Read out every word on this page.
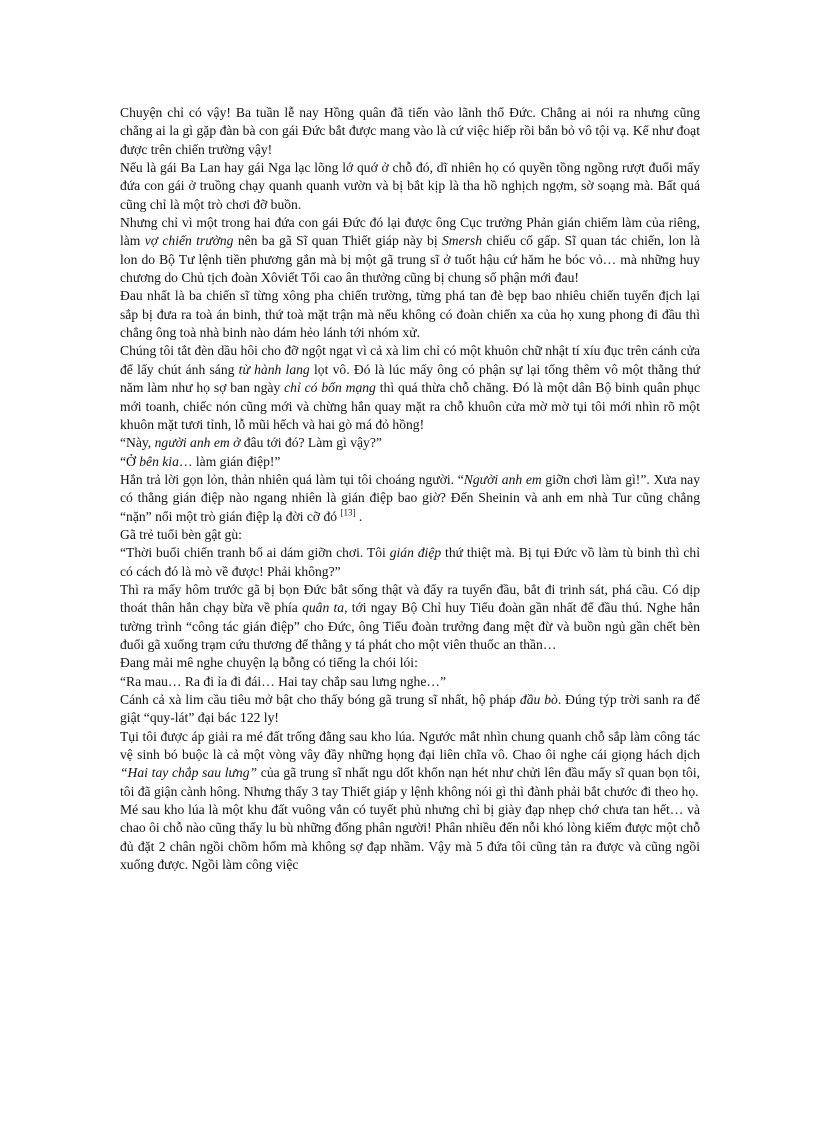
Chuyện chỉ có vậy! Ba tuần lễ nay Hồng quân đã tiến vào lãnh thổ Đức. Chẳng ai nói ra nhưng cũng chẳng ai la gì gặp đàn bà con gái Đức bắt được mang vào là cứ việc hiếp rồi bắn bỏ vô tội vạ. Kể như đoạt được trên chiến trường vậy!

Nếu là gái Ba Lan hay gái Nga lạc lõng lớ quớ ở chỗ đó, dĩ nhiên họ có quyền tồng ngồng rượt đuổi mấy đứa con gái ở truồng chạy quanh quanh vườn và bị bắt kịp là tha hồ nghịch ngợm, sờ soạng mà. Bất quá cũng chỉ là một trò chơi đỡ buồn.

Nhưng chỉ vì một trong hai đứa con gái Đức đó lại được ông Cục trưởng Phản gián chiếm làm của riêng, làm vợ chiến trường nên ba gã Sĩ quan Thiết giáp này bị Smersh chiếu cố gấp. Sĩ quan tác chiến, lon là lon do Bộ Tư lệnh tiền phương gắn mà bị một gã trung sĩ ở tuốt hậu cứ hăm he bóc vỏ… mà những huy chương do Chủ tịch đoàn Xôviết Tối cao ân thưởng cũng bị chung số phận mới đau!

Đau nhất là ba chiến sĩ từng xông pha chiến trường, từng phá tan đè bẹp bao nhiêu chiến tuyến địch lại sắp bị đưa ra toà án binh, thứ toà mặt trận mà nếu không có đoàn chiến xa của họ xung phong đi đầu thì chẳng ông toà nhà binh nào dám hẻo lánh tới nhóm xử.

Chúng tôi tắt đèn dầu hôi cho đỡ ngột ngạt vì cả xà lim chỉ có một khuôn chữ nhật tí xíu đục trên cánh cửa để lấy chút ánh sáng từ hành lang lọt vô. Đó là lúc mấy ông có phận sự lại tống thêm vô một thằng thứ năm làm như họ sợ ban ngày chỉ có bốn mạng thì quá thừa chỗ chăng. Đó là một dân Bộ binh quân phục mới toanh, chiếc nón cũng mới và chừng hắn quay mặt ra chỗ khuôn cửa mờ mờ tụi tôi mới nhìn rõ một khuôn mặt tươi tỉnh, lỗ mũi hếch và hai gò má đỏ hồng!

“Này, người anh em ở đâu tới đó? Làm gì vậy?”

“Ở bên kia… làm gián điệp!”

Hắn trả lời gọn lỏn, thản nhiên quá làm tụi tôi choáng người. “Người anh em giỡn chơi làm gì!”. Xưa nay có thằng gián điệp nào ngang nhiên là gián điệp bao giờ? Đến Sheinin và anh em nhà Tur cũng chẳng “nặn” nổi một trò gián điệp lạ đời cỡ đó [13] .

Gã trẻ tuổi bèn gật gù:

“Thời buổi chiến tranh bố ai dám giỡn chơi. Tôi gián điệp thứ thiệt mà. Bị tụi Đức vồ làm tù binh thì chỉ có cách đó là mò về được! Phải không?”

Thì ra mấy hôm trước gã bị bọn Đức bắt sống thật và đẩy ra tuyến đầu, bắt đi trinh sát, phá cầu. Có dịp thoát thân hắn chạy bừa về phía quân ta, tới ngay Bộ Chỉ huy Tiểu đoàn gần nhất để đầu thú. Nghe hắn tường trình “công tác gián điệp” cho Đức, ông Tiểu đoàn trưởng đang mệt đừ và buồn ngủ gần chết bèn đuổi gã xuống trạm cứu thương để thằng y tá phát cho một viên thuốc an thần…

Đang mải mê nghe chuyện lạ bỗng có tiếng la chói lói:

“Ra mau… Ra đi ỉa đi đái… Hai tay chắp sau lưng nghe…”

Cánh cả xà lim cầu tiêu mở bật cho thấy bóng gã trung sĩ nhất, hộ pháp đầu bò. Đúng týp trời sanh ra để giật “quy-lát” đại bác 122 ly!

Tụi tôi được áp giải ra mé đất trống đằng sau kho lúa. Ngước mắt nhìn chung quanh chỗ sắp làm công tác vệ sinh bó buộc là cả một vòng vây đầy những họng đại liên chĩa vô. Chao ôi nghe cái giọng hách dịch “Hai tay chắp sau lưng” của gã trung sĩ nhất ngu dốt khốn nạn hét như chửi lên đầu mấy sĩ quan bọn tôi, tôi đã giận cành hông. Nhưng thấy 3 tay Thiết giáp y lệnh không nói gì thì đành phải bắt chước đi theo họ.

Mé sau kho lúa là một khu đất vuông vắn có tuyết phủ nhưng chỉ bị giày đạp nhẹp chớ chưa tan hết… và chao ôi chỗ nào cũng thấy lu bù những đống phân người! Phân nhiều đến nỗi khó lòng kiếm được một chỗ đủ đặt 2 chân ngồi chồm hổm mà không sợ đạp nhầm. Vậy mà 5 đứa tôi cũng tản ra được và cũng ngồi xuống được. Ngồi làm công việc
